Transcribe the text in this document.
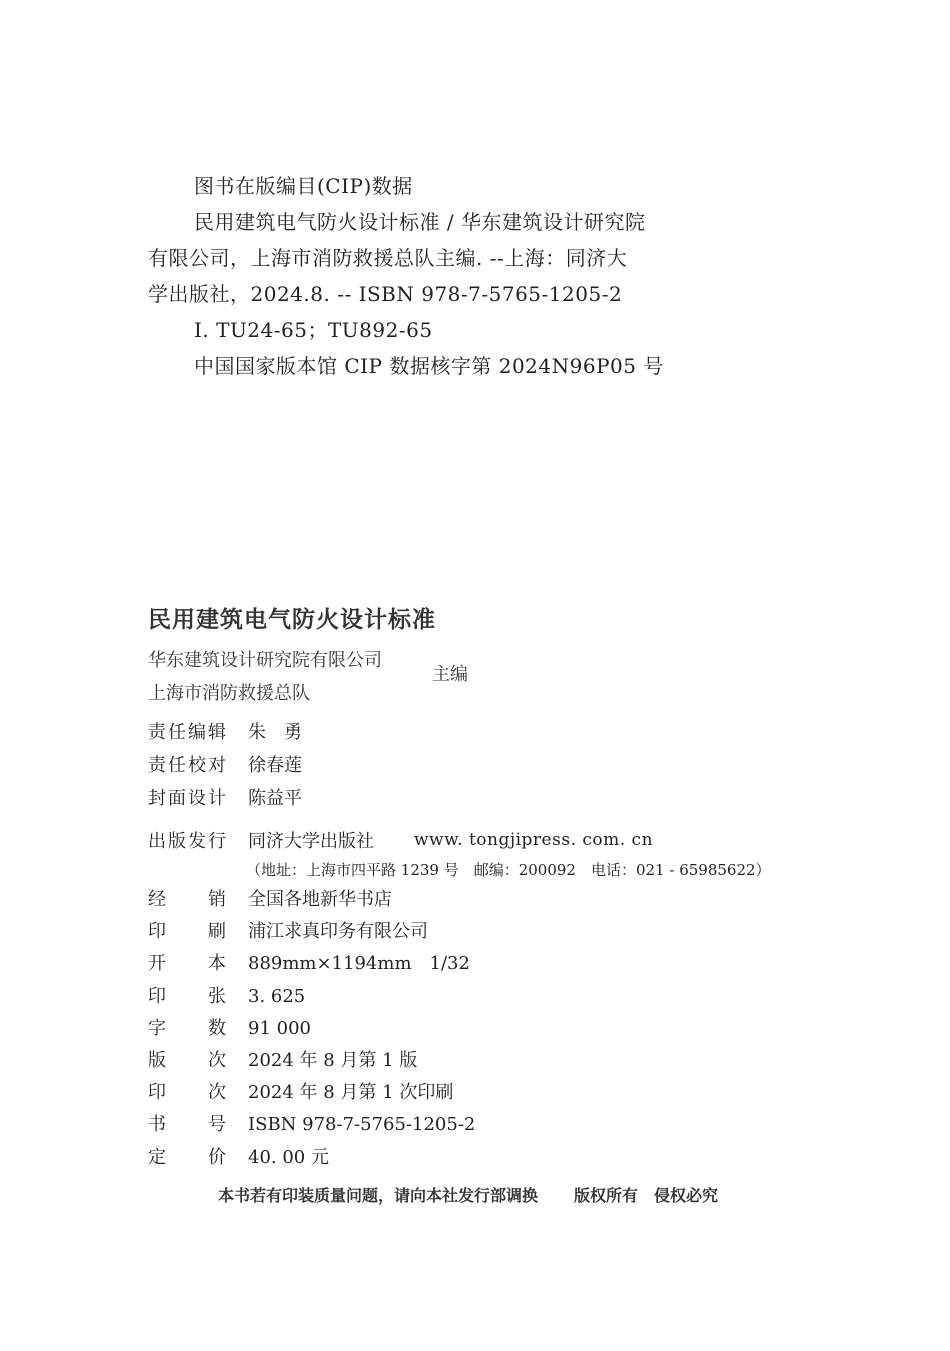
图书在版编目(CIP)数据

民用建筑电气防火设计标准 / 华东建筑设计研究院

有限公司，上海市消防救援总队主编. --上海：同济大

学出版社，2024.8. -- ISBN 978-7-5765-1205-2

Ⅰ. TU24-65；TU892-65

中国国家版本馆 CIP 数据核字第 2024N96P05 号

民用建筑电气防火设计标准
华东建筑设计研究院有限公司
上海市消防救援总队
主编
责任编辑	朱　勇
责任校对	徐春莲
封面设计	陈益平
出版发行	同济大学出版社 www. tongjipress. com. cn
（地址：上海市四平路 1239 号　邮编：200092　电话：021 - 65985622）
经 销 全国各地新华书店
印 刷 浦江求真印务有限公司
开 本 889mm×1194mm　1/32
印 张 3. 625
字 数 91 000
版 次 2024 年 8 月第 1 版
印 次 2024 年 8 月第 1 次印刷
书 号 ISBN 978-7-5765-1205-2
定 价 40. 00 元
本书若有印装质量问题，请向本社发行部调换 版权所有　侵权必究
